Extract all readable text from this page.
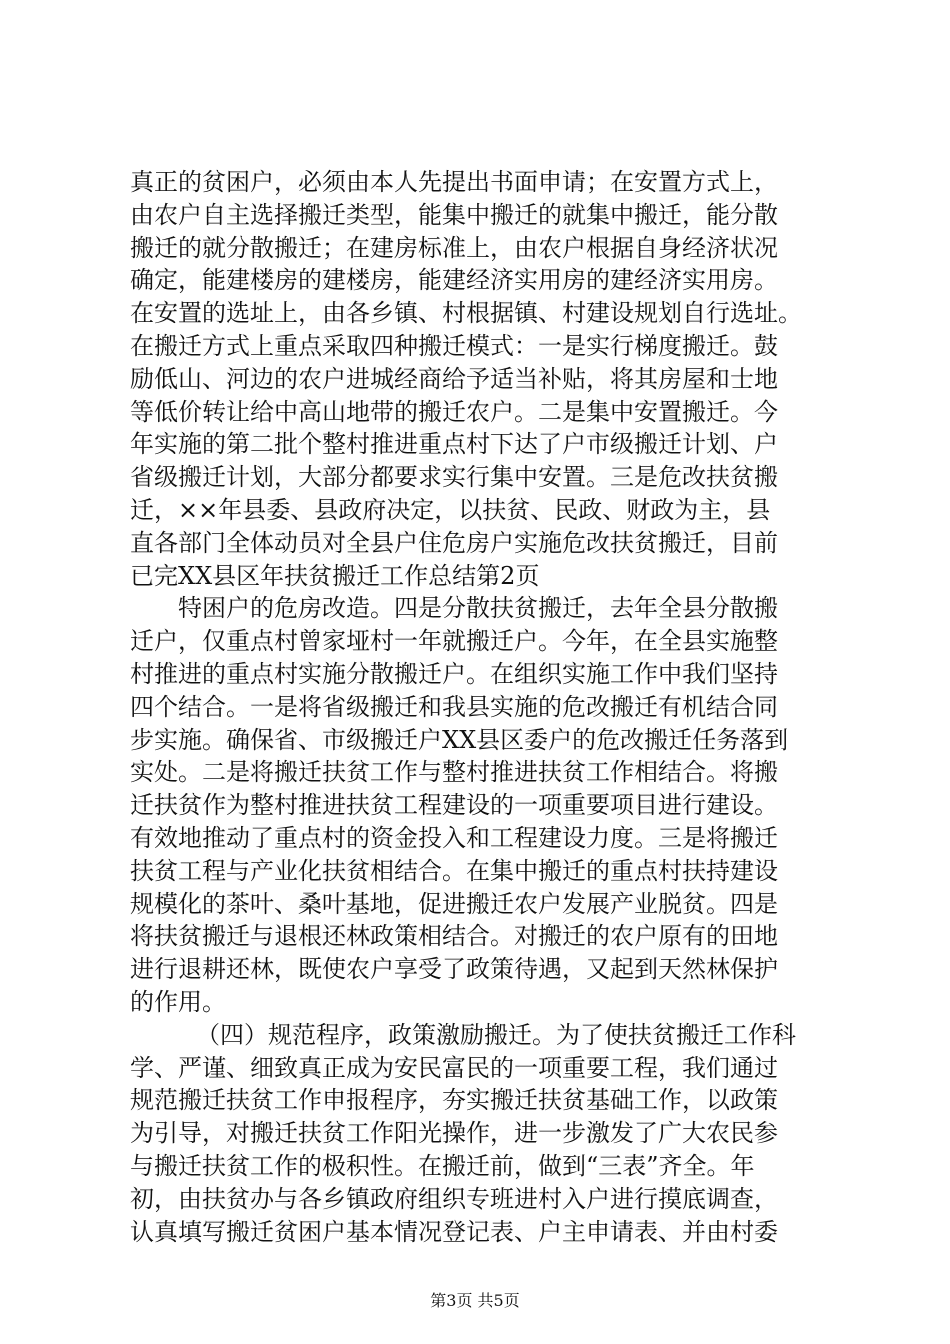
真正的贫困户，必须由本人先提出书面申请；在安置方式上，
由农户自主选择搬迁类型，能集中搬迁的就集中搬迁，能分散
搬迁的就分散搬迁；在建房标准上，由农户根据自身经济状况
确定，能建楼房的建楼房，能建经济实用房的建经济实用房。
在安置的选址上，由各乡镇、村根据镇、村建设规划自行选址。
在搬迁方式上重点采取四种搬迁模式：一是实行梯度搬迁。鼓
励低山、河边的农户进城经商给予适当补贴，将其房屋和士地
等低价转让给中高山地带的搬迁农户。二是集中安置搬迁。今
年实施的第二批个整村推进重点村下达了户市级搬迁计划、户
省级搬迁计划，大部分都要求实行集中安置。三是危改扶贫搬
迁，××年县委、县政府决定，以扶贫、民政、财政为主，县
直各部门全体动员对全县户住危房户实施危改扶贫搬迁，目前
已完XX县区年扶贫搬迁工作总结第2页
特困户的危房改造。四是分散扶贫搬迁，去年全县分散搬
迁户，仅重点村曾家垭村一年就搬迁户。今年，在全县实施整
村推进的重点村实施分散搬迁户。在组织实施工作中我们坚持
四个结合。一是将省级搬迁和我县实施的危改搬迁有机结合同
步实施。确保省、市级搬迁户XX县区委户的危改搬迁任务落到
实处。二是将搬迁扶贫工作与整村推进扶贫工作相结合。将搬
迁扶贫作为整村推进扶贫工程建设的一项重要项目进行建设。
有效地推动了重点村的资金投入和工程建设力度。三是将搬迁
扶贫工程与产业化扶贫相结合。在集中搬迁的重点村扶持建设
规模化的茶叶、桑叶基地，促进搬迁农户发展产业脱贫。四是
将扶贫搬迁与退根还林政策相结合。对搬迁的农户原有的田地
进行退耕还林，既使农户享受了政策待遇，又起到天然林保护
的作用。
（四）规范程序，政策激励搬迁。为了使扶贫搬迁工作科
学、严谨、细致真正成为安民富民的一项重要工程，我们通过
规范搬迁扶贫工作申报程序，夯实搬迁扶贫基础工作，以政策
为引导，对搬迁扶贫工作阳光操作，进一步激发了广大农民参
与搬迁扶贫工作的极积性。在搬迁前，做到“三表”齐全。年
初，由扶贫办与各乡镇政府组织专班进村入户进行摸底调查，
认真填写搬迁贫困户基本情况登记表、户主申请表、并由村委
第3页 共5页
